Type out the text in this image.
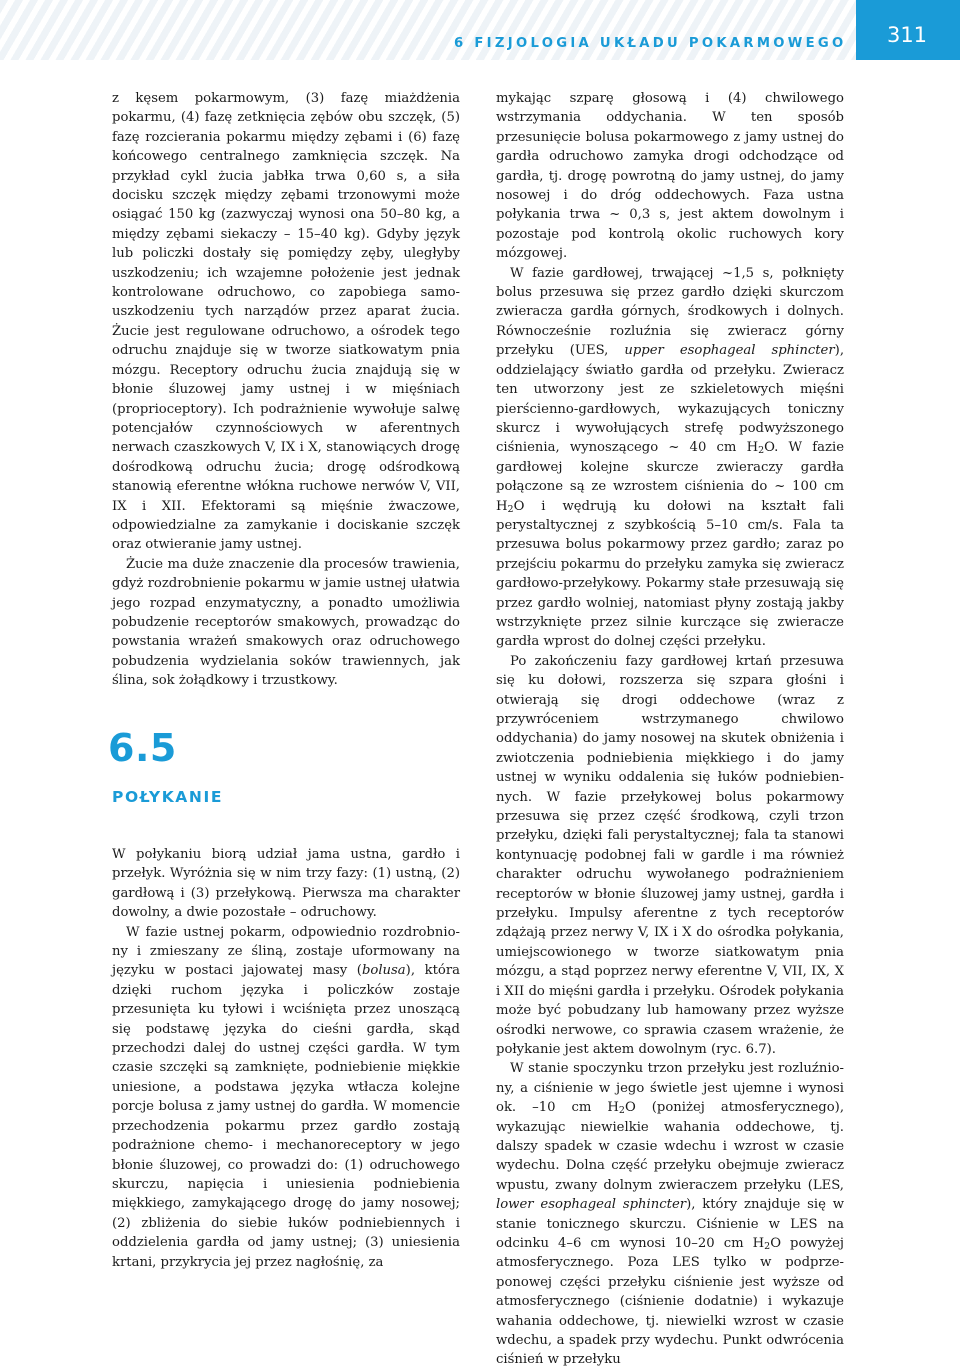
6 FIZJOLOGIA UKŁADU POKARMOWEGO	311

z kęsem pokarmowym, (3) fazę miażdżenia pokarmu, (4) fazę zetknięcia zębów obu szczęk, (5) fazę rozcierania pokarmu między zębami i (6) fazę końcowego centralnego zamknięcia szczęk. Na przykład cykl żucia jabłka trwa 0,60 s, a siła docisku szczęk między zębami trzonowymi może osiągać 150 kg (zazwyczaj wynosi ona 50–80 kg, a między zębami siekaczy – 15–40 kg). Gdyby język lub policzki dostały się pomiędzy zęby, uległyby uszkodzeniu; ich wzajemne położenie jest jednak kontrolowane odruchowo, co zapobiega samouszkodzeniu tych narządów przez aparat żucia. Żucie jest regulowane odruchowo, a ośrodek tego odruchu znajduje się w tworze siatkowatym pnia mózgu. Receptory odruchu żucia znajdują się w błonie śluzowej jamy ustnej i w mięśniach (proprioceptory). Ich podrażnienie wywołuje salwę potencjałów czynnościowych w aferentnych nerwach czaszkowych V, IX i X, stanowiących drogę dośrodkową odruchu żucia; drogę odśrodkową stanowią eferentne włókna ruchowe nerwów V, VII, IX i XII. Efektorami są mięśnie żwaczowe, odpowiedzialne za zamykanie i dociskanie szczęk oraz otwieranie jamy ustnej.

Żucie ma duże znaczenie dla procesów trawienia, gdyż rozdrobnienie pokarmu w jamie ustnej ułatwia jego rozpad enzymatyczny, a ponadto umożliwia pobudzenie receptorów smakowych, prowadząc do powstania wrażeń smakowych oraz odruchowego pobudzenia wydzielania soków trawiennych, jak ślina, sok żołądkowy i trzustkowy.

6.5
POŁYKANIE

W połykaniu biorą udział jama ustna, gardło i przełyk. Wyróżnia się w nim trzy fazy: (1) ustną, (2) gardłową i (3) przełykową. Pierwsza ma charakter dowolny, a dwie pozostałe – odruchowy.

W fazie ustnej pokarm, odpowiednio rozdrobniony i zmieszany ze śliną, zostaje uformowany na języku w postaci jajowatej masy (bolusa), która dzięki ruchom języka i policzków zostaje przesunięta ku tyłowi i wciśnięta przez unoszącą się podstawę języka do cieśni gardła, skąd przechodzi dalej do ustnej części gardła. W tym czasie szczęki są zamknięte, podniebienie miękkie uniesione, a podstawa języka wtłacza kolejne porcje bolusa z jamy ustnej do gardła. W momencie przechodzenia pokarmu przez gardło zostają podrażnione chemo- i mechanoreceptory w jego błonie śluzowej, co prowadzi do: (1) odruchowego skurczu, napięcia i uniesienia podniebienia miękkiego, zamykającego drogę do jamy nosowej; (2) zbliżenia do siebie łuków podniebiennych i oddzielenia gardła od jamy ustnej; (3) uniesienia krtani, przykrycia jej przez nagłośnię, za

mykając szparę głosową i (4) chwilowego wstrzymania oddychania. W ten sposób przesunięcie bolusa pokarmowego z jamy ustnej do gardła odruchowo zamyka drogi odchodzące od gardła, tj. drogę powrotną do jamy ustnej, do jamy nosowej i do dróg oddechowych. Faza ustna połykania trwa ~ 0,3 s, jest aktem dowolnym i pozostaje pod kontrolą okolic ruchowych kory mózgowej.

W fazie gardłowej, trwającej ~1,5 s, połknięty bolus przesuwa się przez gardło dzięki skurczom zwieracza gardła górnych, środkowych i dolnych. Równocześnie rozluźnia się zwieracz górny przełyku (UES, upper esophageal sphincter), oddzielający światło gardła od przełyku. Zwieracz ten utworzony jest ze szkieletowych mięśni pierścienno-gardłowych, wykazujących toniczny skurcz i wywołujących strefę podwyższonego ciśnienia, wynoszącego ~ 40 cm $H_2O$. W fazie gardłowej kolejne skurcze zwieraczy gardła połączone są ze wzrostem ciśnienia do ~ 100 cm $H_2O$ i wędrują ku dołowi na kształt fali perystaltycznej z szybkością 5–10 cm/s. Fala ta przesuwa bolus pokarmowy przez gardło; zaraz po przejściu pokarmu do przełyku zamyka się zwieracz gardłowo-przełykowy. Pokarmy stałe przesuwają się przez gardło wolniej, natomiast płyny zostają jakby wstrzyknięte przez silnie kurczące się zwieracze gardła wprost do dolnej części przełyku.

Po zakończeniu fazy gardłowej krtań przesuwa się ku dołowi, rozszerza się szpara głośni i otwierają się drogi oddechowe (wraz z przywróceniem wstrzymanego chwilowo oddychania) do jamy nosowej na skutek obniżenia i zwiotczenia podniebienia miękkiego i do jamy ustnej w wyniku oddalenia się łuków podniebiennych. W fazie przełykowej bolus pokarmowy przesuwa się przez część środkową, czyli trzon przełyku, dzięki fali perystaltycznej; fala ta stanowi kontynuację podobnej fali w gardle i ma również charakter odruchu wywołanego podrażnieniem receptorów w błonie śluzowej jamy ustnej, gardła i przełyku. Impulsy aferentne z tych receptorów zdążają przez nerwy V, IX i X do ośrodka połykania, umiejscowionego w tworze siatkowatym pnia mózgu, a stąd poprzez nerwy eferentne V, VII, IX, X i XII do mięśni gardła i przełyku. Ośrodek połykania może być pobudzany lub hamowany przez wyższe ośrodki nerwowe, co sprawia czasem wrażenie, że połykanie jest aktem dowolnym (ryc. 6.7).

W stanie spoczynku trzon przełyku jest rozluźniony, a ciśnienie w jego świetle jest ujemne i wynosi ok. –10 cm $H_2O$ (poniżej atmosferycznego), wykazując niewielkie wahania oddechowe, tj. dalszy spadek w czasie wdechu i wzrost w czasie wydechu. Dolna część przełyku obejmuje zwieracz wpustu, zwany dolnym zwieraczem przełyku (LES, lower esophageal sphincter), który znajduje się w stanie tonicznego skurczu. Ciśnienie w LES na odcinku 4–6 cm wynosi 10–20 cm $H_2O$ powyżej atmosferycznego. Poza LES tylko w podprzeponowej części przełyku ciśnienie jest wyższe od atmosferycznego (ciśnienie dodatnie) i wykazuje wahania oddechowe, tj. niewielki wzrost w czasie wdechu, a spadek przy wydechu. Punkt odwrócenia ciśnień w przełyku
